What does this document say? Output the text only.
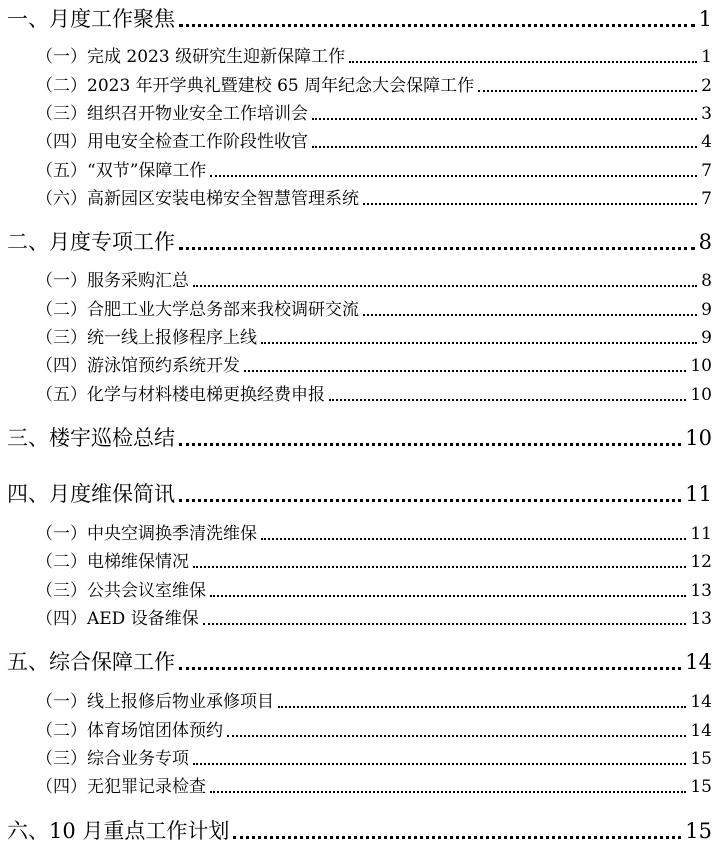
一、月度工作聚焦	1
（一）完成 2023 级研究生迎新保障工作	1
（二）2023 年开学典礼暨建校 65 周年纪念大会保障工作	2
（三）组织召开物业安全工作培训会	3
（四）用电安全检查工作阶段性收官	4
（五）“双节”保障工作	7
（六）高新园区安装电梯安全智慧管理系统	7
二、月度专项工作	8
（一）服务采购汇总	8
（二）合肥工业大学总务部来我校调研交流	9
（三）统一线上报修程序上线	9
（四）游泳馆预约系统开发	10
（五）化学与材料楼电梯更换经费申报	10
三、楼宇巡检总结	10
四、月度维保简讯	11
（一）中央空调换季清洗维保	11
（二）电梯维保情况	12
（三）公共会议室维保	13
（四）AED 设备维保	13
五、综合保障工作	14
（一）线上报修后物业承修项目	14
（二）体育场馆团体预约	14
（三）综合业务专项	15
（四）无犯罪记录检查	15
六、10 月重点工作计划	15
